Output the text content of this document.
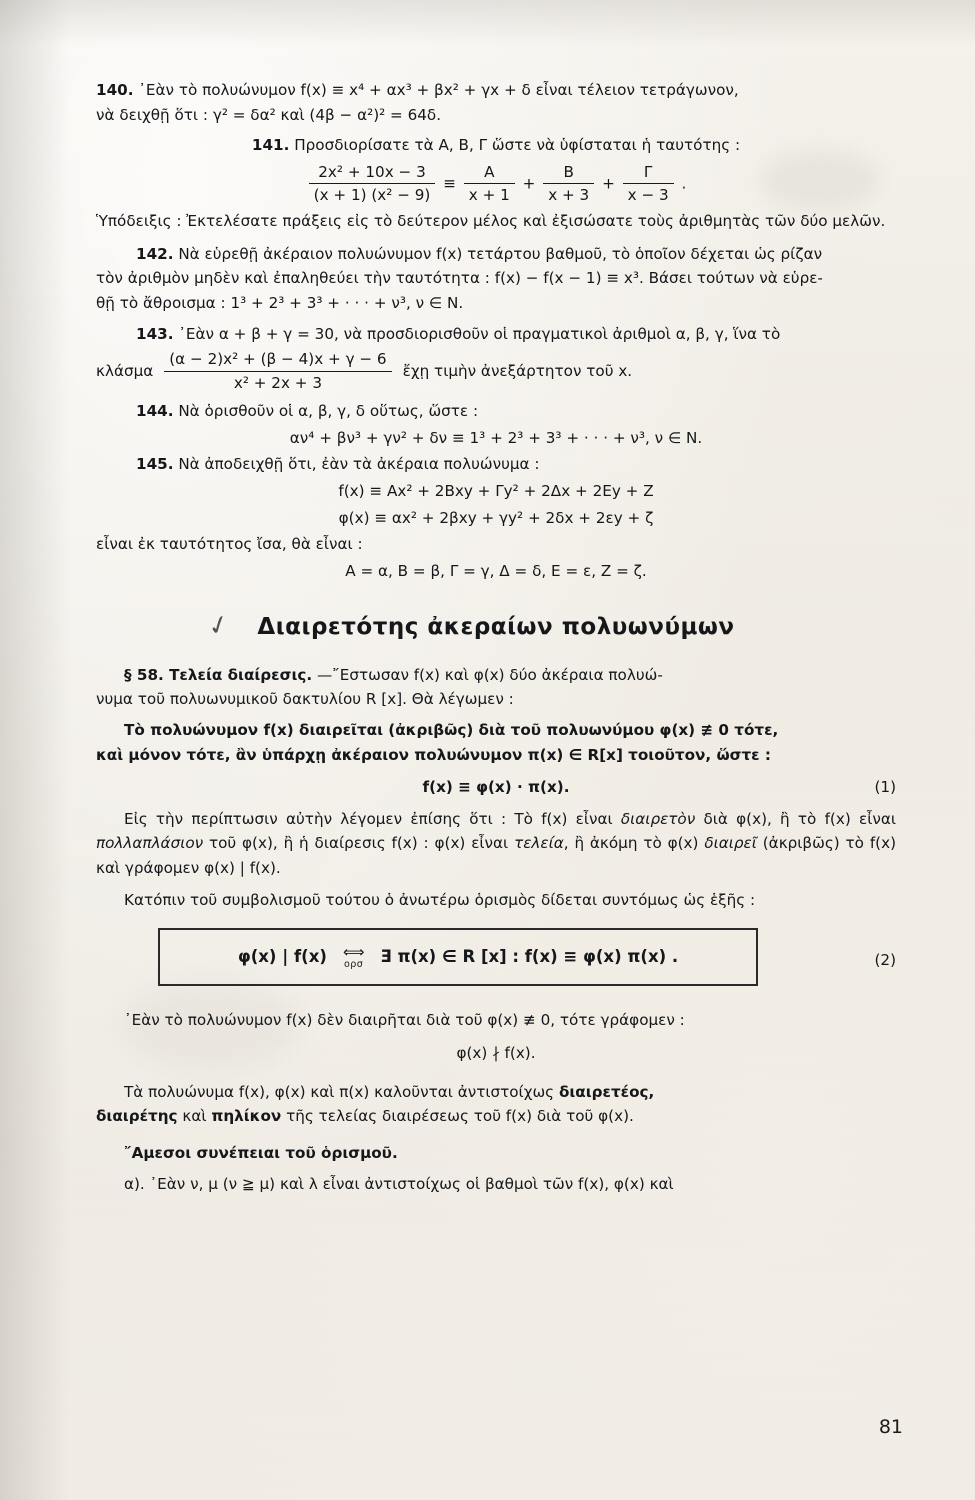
140. ᾽Εὰν τὸ πολυώνυμον f(x) ≡ x⁴ + αx³ + βx² + γx + δ εἶναι τέλειον τετράγωνον,
νὰ δειχθῇ ὅτι : γ² = δα² καὶ (4β − α²)² = 64δ.
141. Προσδιορίσατε τὰ Α, Β, Γ ὥστε νὰ ὑφίσταται ἡ ταυτότης :
$\frac{\text{2x² + 10x − 3}}{\text{(x + 1) (x² − 9)}} \equiv \frac{A}{x + 1} + \frac{B}{x + 3} + \frac{\Gamma}{x - 3}$ .
Ὑπόδειξις : Ἐκτελέσατε πράξεις εἰς τὸ δεύτερον μέλος καὶ ἐξισώσατε τοὺς ἀριθμητὰς τῶν δύο μελῶν.
142. Νὰ εὑρεθῇ ἀκέραιον πολυώνυμον f(x) τετάρτου βαθμοῦ, τὸ ὁποῖον δέχεται ὡς ρίζαν
τὸν ἀριθμὸν μηδὲν καὶ ἐπαληθεύει τὴν ταυτότητα : f(x) − f(x − 1) ≡ x³. Βάσει τούτων νὰ εὑρε-
θῇ τὸ ἄθροισμα : 1³ + 2³ + 3³ + · · · + ν³, ν ∈ Ν.
143. ᾽Εὰν α + β + γ = 30, νὰ προσδιορισθοῦν οἱ πραγματικοὶ ἀριθμοὶ α, β, γ, ἵνα τὸ
κλάσμα $\frac{\text{(α − 2)x² + (β − 4)x + γ − 6}}{\text{x² + 2x + 3}}$ ἔχῃ τιμὴν ἀνεξάρτητον τοῦ x.
144. Νὰ ὁρισθοῦν οἱ α, β, γ, δ οὕτως, ὥστε :
αν⁴ + βν³ + γν² + δν ≡ 1³ + 2³ + 3³ + · · · + ν³, ν ∈ Ν.
145. Νὰ ἀποδειχθῇ ὅτι, ἐὰν τὰ ἀκέραια πολυώνυμα :
f(x) ≡ Αx² + 2Βxy + Γy² + 2Δx + 2Εy + Ζ
φ(x) ≡ αx² + 2βxy + γy² + 2δx + 2εy + ζ
εἶναι ἐκ ταυτότητος ἴσα, θὰ εἶναι :
Α = α, Β = β, Γ = γ, Δ = δ, Ε = ε, Ζ = ζ.
✓ Διαιρετότης ἀκεραίων πολυωνύμων
§ 58. Τελεία διαίρεσις. —῎Εστωσαν f(x) καὶ φ(x) δύο ἀκέραια πολυώ-
νυμα τοῦ πολυωνυμικοῦ δακτυλίου R [x]. Θὰ λέγωμεν :
Τὸ πολυώνυμον f(x) διαιρεῖται (ἀκριβῶς) διὰ τοῦ πολυωνύμου φ(x) ≢ 0 τότε,
καὶ μόνον τότε, ἂν ὑπάρχῃ ἀκέραιον πολυώνυμον π(x) ∈ R[x] τοιοῦτον, ὥστε :
f(x) ≡ φ(x) · π(x).	(1)
Εἰς τὴν περίπτωσιν αὐτὴν λέγομεν ἐπίσης ὅτι : Τὸ f(x) εἶναι διαιρετὸν διὰ φ(x), ἢ τὸ f(x) εἶναι πολλαπλάσιον τοῦ φ(x), ἢ ἡ διαίρεσις f(x) : φ(x) εἶναι τελεία, ἢ ἀκόμη τὸ φ(x) διαιρεῖ (ἀκριβῶς) τὸ f(x) καὶ γράφομεν φ(x) | f(x).
Κατόπιν τοῦ συμβολισμοῦ τούτου ὁ ἀνωτέρω ὁρισμὸς δίδεται συντόμως ὡς ἑξῆς :
φ(x) | f(x) ⟺
ορσ Ǝ π(x) ∈ R [x] : f(x) ≡ φ(x) π(x) .	(2)
᾽Εὰν τὸ πολυώνυμον f(x) δὲν διαιρῆται διὰ τοῦ φ(x) ≢ 0, τότε γράφομεν :
φ(x) ∤ f(x).
Τὰ πολυώνυμα f(x), φ(x) καὶ π(x) καλοῦνται ἀντιστοίχως διαιρετέος,
διαιρέτης καὶ πηλίκον τῆς τελείας διαιρέσεως τοῦ f(x) διὰ τοῦ φ(x).
῎Αμεσοι συνέπειαι τοῦ ὁρισμοῦ.
α). ᾽Εὰν ν, μ (ν ≧ μ) καὶ λ εἶναι ἀντιστοίχως οἱ βαθμοὶ τῶν f(x), φ(x) καὶ
81
